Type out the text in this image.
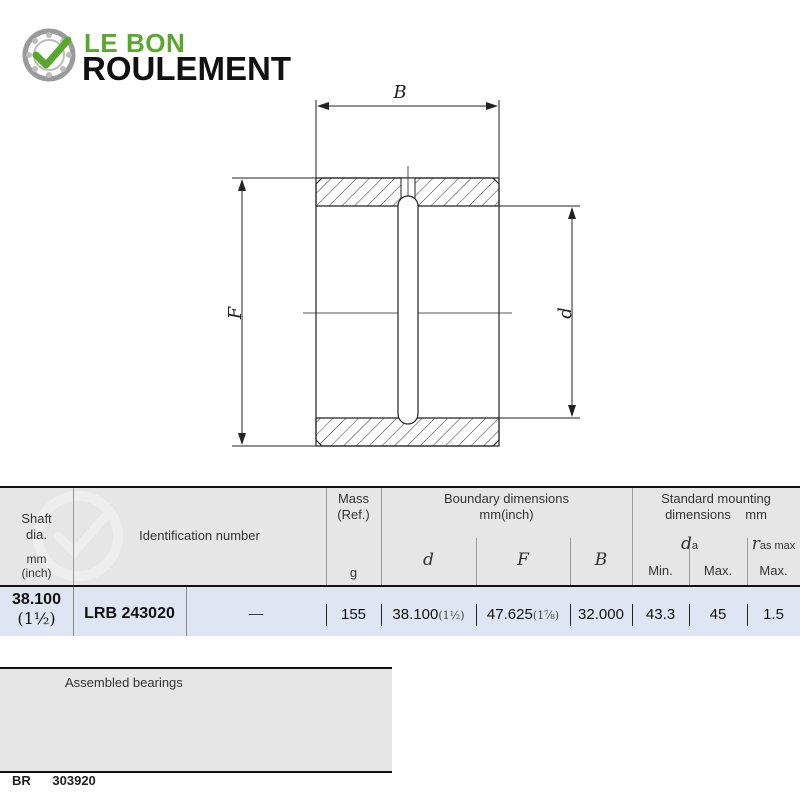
LE BON
ROULEMENT
B
F	d
Shaft
dia.
mm
(inch)
Identification number
Mass
(Ref.)
g
Boundary dimensions
mm(inch)
d	F	B
Standard mounting
dimensions    mm
da	ras max
Min.	Max.	Max.
38.100
(1½)	LRB 243020	—	155	38.100(1½)	47.625(1⅞)	32.000	43.3	45	1.5
Assembled bearings
BR 303920
